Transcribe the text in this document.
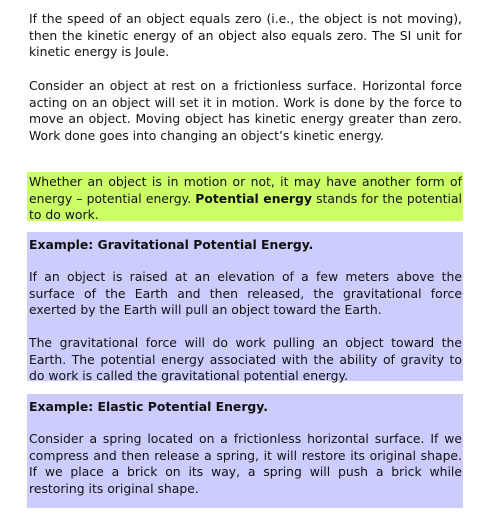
If the speed of an object equals zero (i.e., the object is not moving), then the kinetic energy of an object also equals zero. The SI unit for kinetic energy is Joule.

Consider an object at rest on a frictionless surface. Horizontal force acting on an object will set it in motion. Work is done by the force to move an object. Moving object has kinetic energy greater than zero. Work done goes into changing an object’s kinetic energy.

Whether an object is in motion or not, it may have another form of energy – potential energy. Potential energy stands for the potential to do work.

Example: Gravitational Potential Energy.

If an object is raised at an elevation of a few meters above the surface of the Earth and then released, the gravitational force exerted by the Earth will pull an object toward the Earth.

The gravitational force will do work pulling an object toward the Earth. The potential energy associated with the ability of gravity to do work is called the gravitational potential energy.

Example: Elastic Potential Energy.

Consider a spring located on a frictionless horizontal surface. If we compress and then release a spring, it will restore its original shape. If we place a brick on its way, a spring will push a brick while restoring its original shape.
